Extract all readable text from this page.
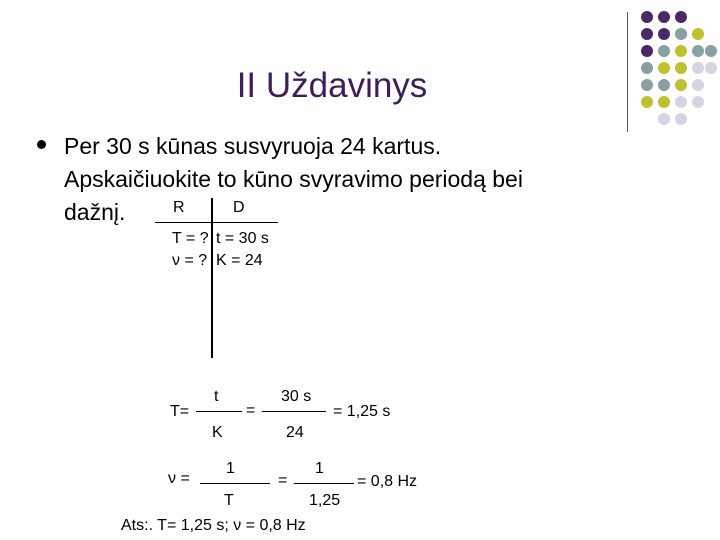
II Uždavinys
Per 30 s kūnas susvyruoja 24 kartus.
Apskaičiuokite to kūno svyravimo periodą bei
dažnį.	R	D
T = ? t = 30 s
ν = ? K = 24
T=
t
K
=
30 s
24
= 1,25 s
ν =
1
T
=
1
1,25
= 0,8 Hz
Ats:. T= 1,25 s; ν = 0,8 Hz
